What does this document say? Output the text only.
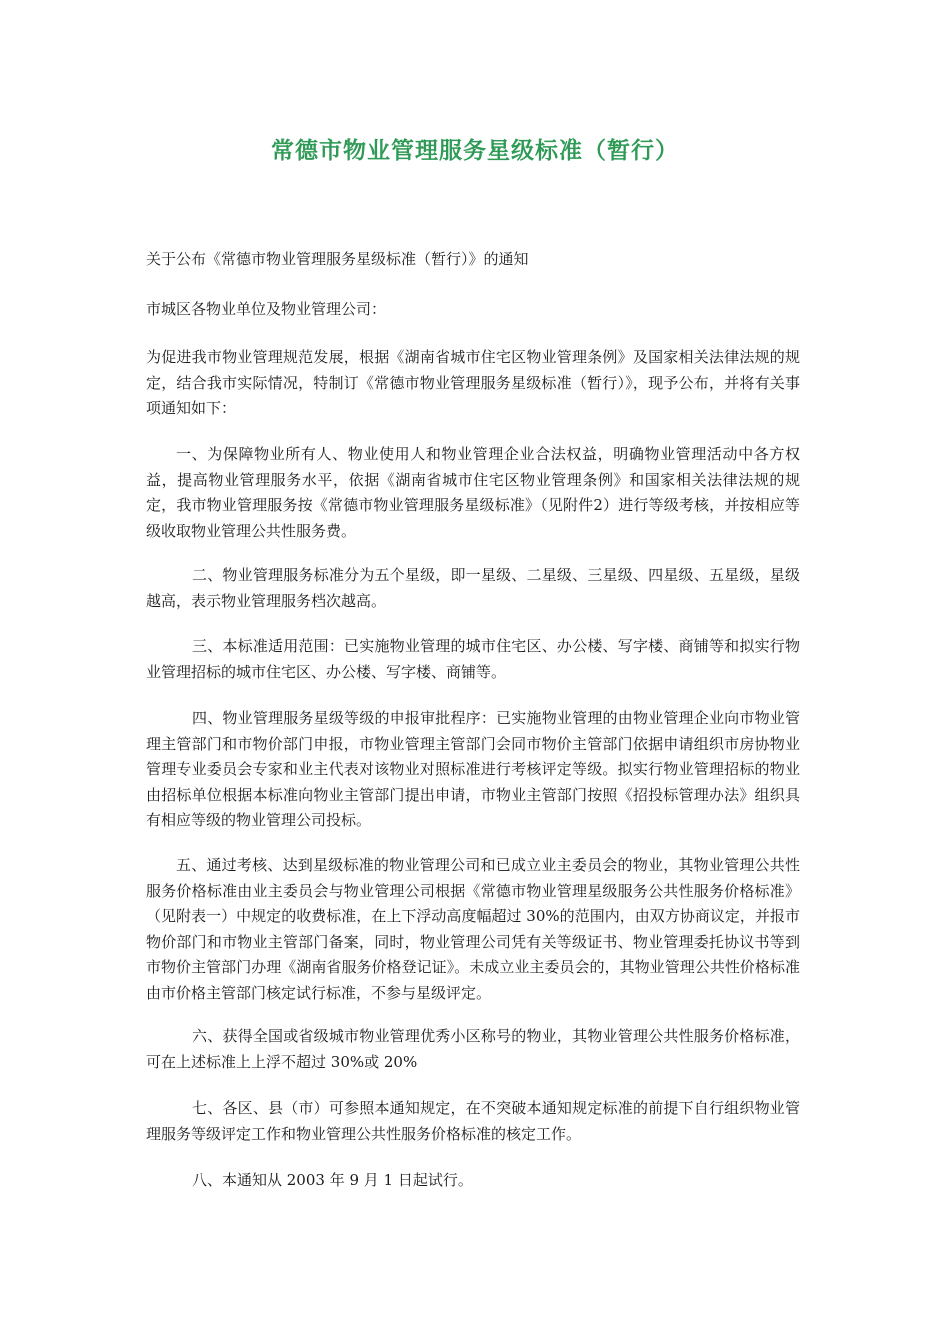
常德市物业管理服务星级标准（暂行）

关于公布《常德市物业管理服务星级标准（暂行）》的通知

市城区各物业单位及物业管理公司：

为促进我市物业管理规范发展，根据《湖南省城市住宅区物业管理条例》及国家相关法律法规的规定，结合我市实际情况，特制订《常德市物业管理服务星级标准（暂行）》，现予公布，并将有关事项通知如下：

一、为保障物业所有人、物业使用人和物业管理企业合法权益，明确物业管理活动中各方权益，提高物业管理服务水平，依据《湖南省城市住宅区物业管理条例》和国家相关法律法规的规定，我市物业管理服务按《常德市物业管理服务星级标准》（见附件2）进行等级考核，并按相应等级收取物业管理公共性服务费。

二、物业管理服务标准分为五个星级，即一星级、二星级、三星级、四星级、五星级，星级越高，表示物业管理服务档次越高。

三、本标准适用范围：已实施物业管理的城市住宅区、办公楼、写字楼、商铺等和拟实行物业管理招标的城市住宅区、办公楼、写字楼、商铺等。

四、物业管理服务星级等级的申报审批程序：已实施物业管理的由物业管理企业向市物业管理主管部门和市物价部门申报，市物业管理主管部门会同市物价主管部门依据申请组织市房协物业管理专业委员会专家和业主代表对该物业对照标准进行考核评定等级。拟实行物业管理招标的物业由招标单位根据本标准向物业主管部门提出申请，市物业主管部门按照《招投标管理办法》组织具有相应等级的物业管理公司投标。

五、通过考核、达到星级标准的物业管理公司和已成立业主委员会的物业，其物业管理公共性服务价格标准由业主委员会与物业管理公司根据《常德市物业管理星级服务公共性服务价格标准》（见附表一）中规定的收费标准，在上下浮动高度幅超过 30%的范围内，由双方协商议定，并报市物价部门和市物业主管部门备案，同时，物业管理公司凭有关等级证书、物业管理委托协议书等到市物价主管部门办理《湖南省服务价格登记证》。未成立业主委员会的，其物业管理公共性价格标准由市价格主管部门核定试行标准，不参与星级评定。

六、获得全国或省级城市物业管理优秀小区称号的物业，其物业管理公共性服务价格标准，可在上述标准上上浮不超过 30%或 20%

七、各区、县（市）可参照本通知规定，在不突破本通知规定标准的前提下自行组织物业管理服务等级评定工作和物业管理公共性服务价格标准的核定工作。

八、本通知从 2003 年 9 月 1 日起试行。
